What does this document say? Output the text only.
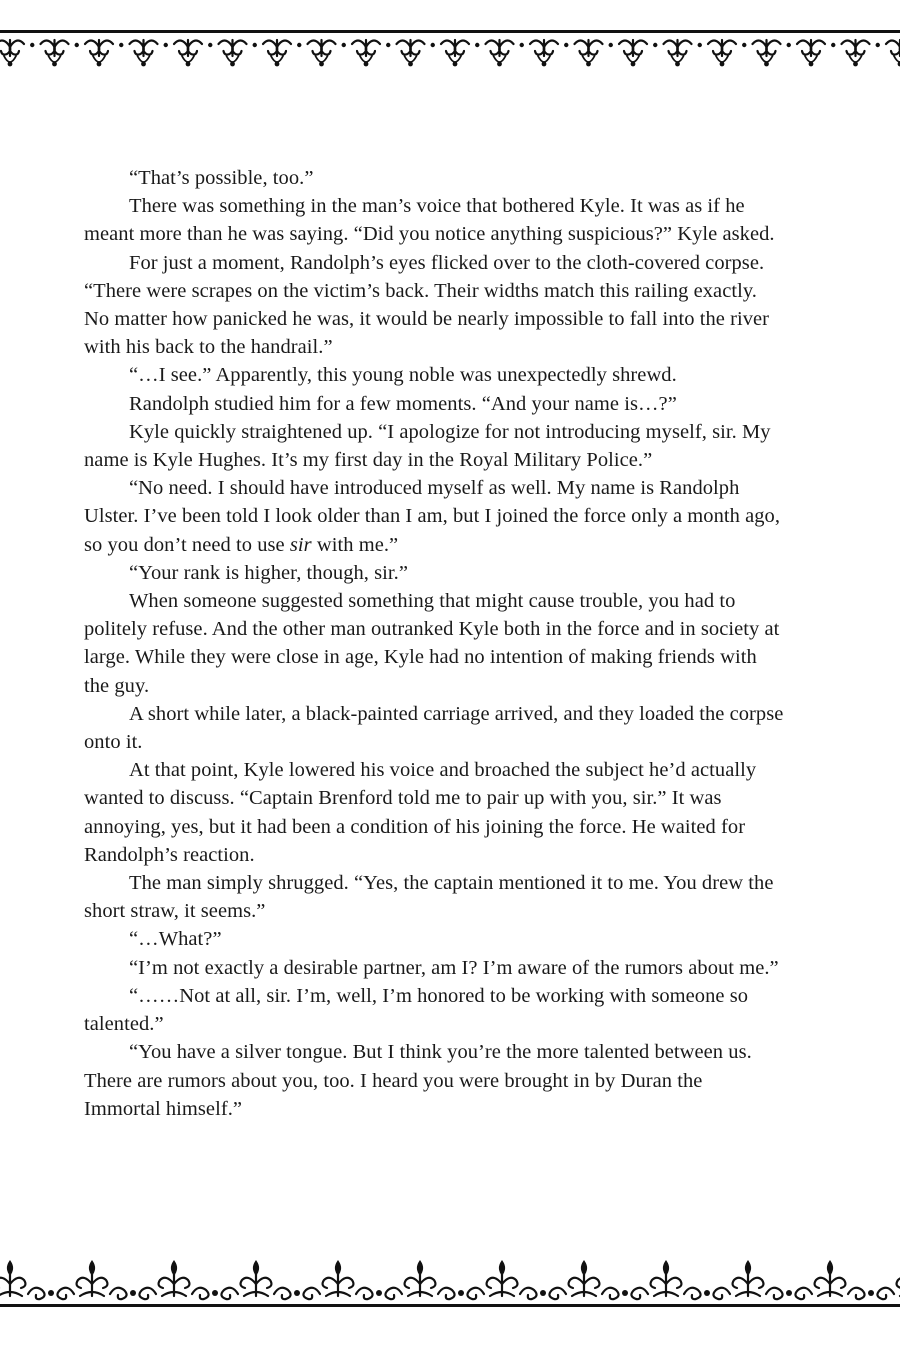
“That’s possible, too.”

There was something in the man’s voice that bothered Kyle. It was as if he meant more than he was saying. “Did you notice anything suspicious?” Kyle asked.

For just a moment, Randolph’s eyes flicked over to the cloth-covered corpse. “There were scrapes on the victim’s back. Their widths match this railing exactly. No matter how panicked he was, it would be nearly impossible to fall into the river with his back to the handrail.”

“…I see.” Apparently, this young noble was unexpectedly shrewd.

Randolph studied him for a few moments. “And your name is…?”

Kyle quickly straightened up. “I apologize for not introducing myself, sir. My name is Kyle Hughes. It’s my first day in the Royal Military Police.”

“No need. I should have introduced myself as well. My name is Randolph Ulster. I’ve been told I look older than I am, but I joined the force only a month ago, so you don’t need to use sir with me.”

“Your rank is higher, though, sir.”

When someone suggested something that might cause trouble, you had to politely refuse. And the other man outranked Kyle both in the force and in society at large. While they were close in age, Kyle had no intention of making friends with the guy.

A short while later, a black-painted carriage arrived, and they loaded the corpse onto it.

At that point, Kyle lowered his voice and broached the subject he’d actually wanted to discuss. “Captain Brenford told me to pair up with you, sir.” It was annoying, yes, but it had been a condition of his joining the force. He waited for Randolph’s reaction.

The man simply shrugged. “Yes, the captain mentioned it to me. You drew the short straw, it seems.”

“…What?”

“I’m not exactly a desirable partner, am I? I’m aware of the rumors about me.”

“……Not at all, sir. I’m, well, I’m honored to be working with someone so talented.”

“You have a silver tongue. But I think you’re the more talented between us. There are rumors about you, too. I heard you were brought in by Duran the Immortal himself.”
